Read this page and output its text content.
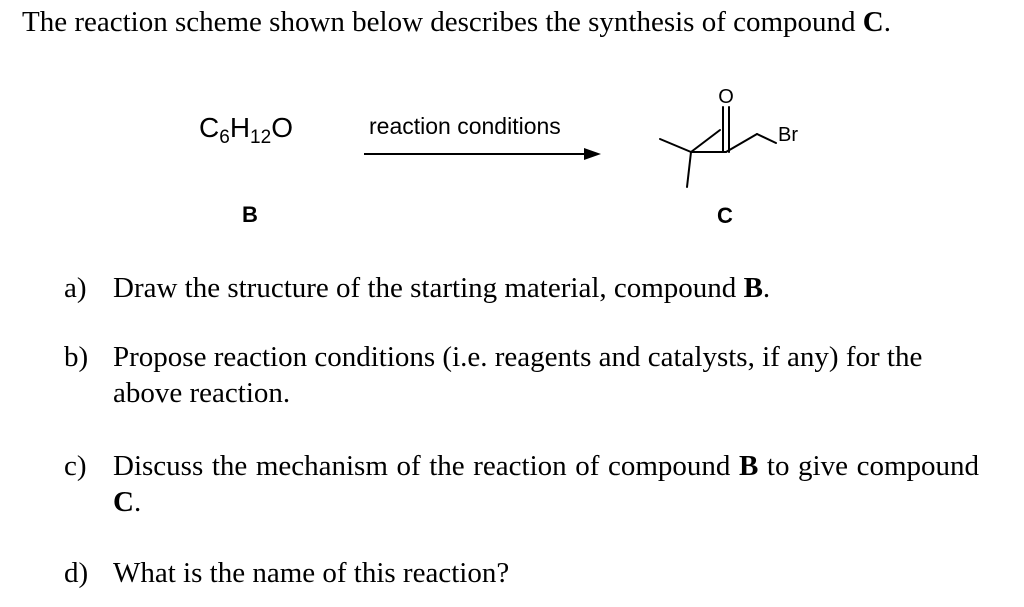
The reaction scheme shown below describes the synthesis of compound C.
$C_6H_{12}O$	reaction conditions
O
Br
B	C
a) Draw the structure of the starting material, compound B.
b) Propose reaction conditions (i.e. reagents and catalysts, if any) for the above reaction.
c) Discuss the mechanism of the reaction of compound B to give compound C.
d) What is the name of this reaction?
